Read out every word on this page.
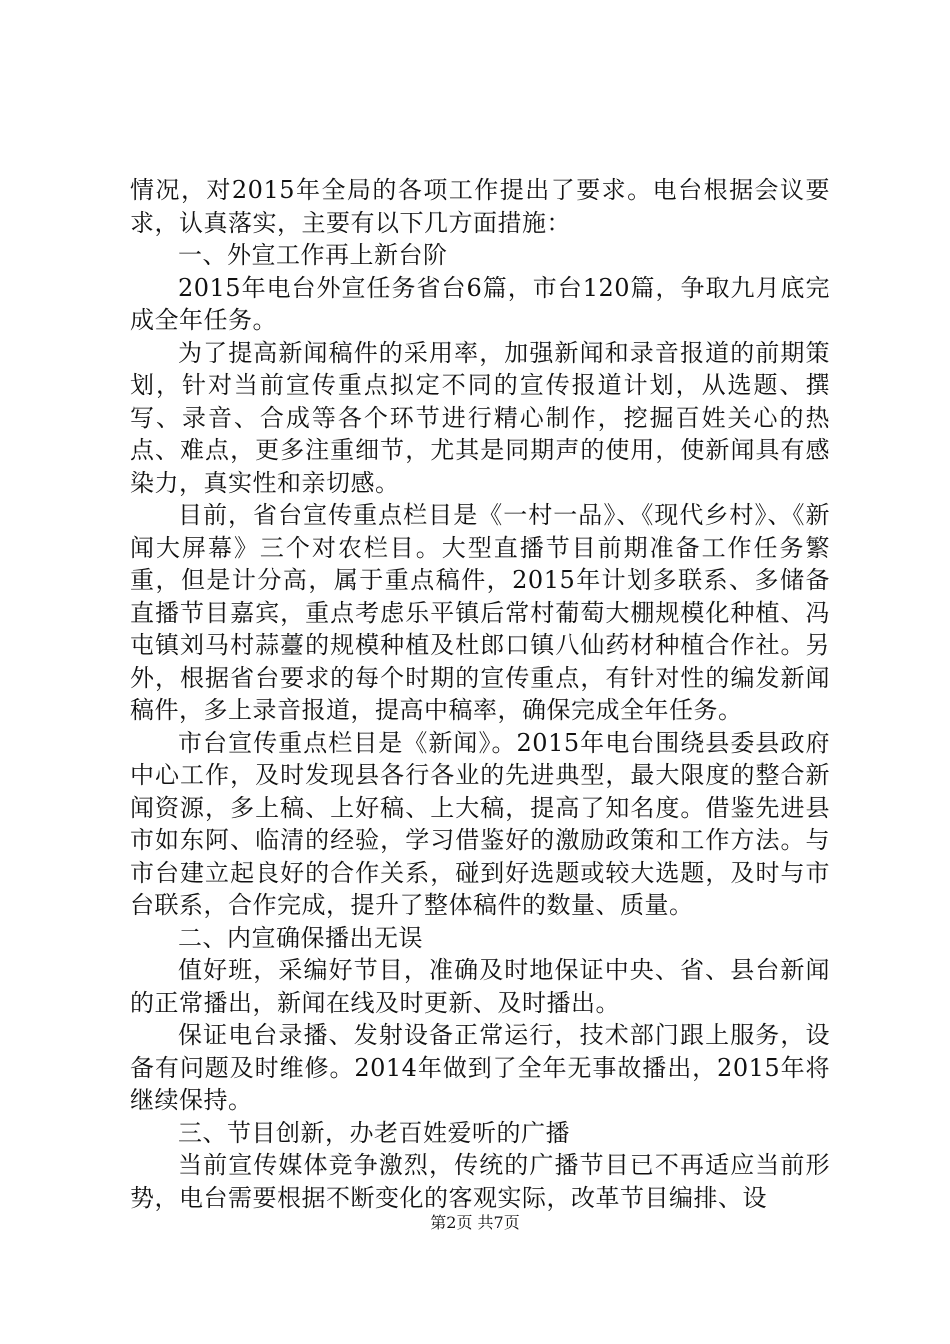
情况，对2015年全局的各项工作提出了要求。电台根据会议要求，认真落实，主要有以下几方面措施：

一、外宣工作再上新台阶

2015年电台外宣任务省台6篇，市台120篇，争取九月底完成全年任务。

为了提高新闻稿件的采用率，加强新闻和录音报道的前期策划，针对当前宣传重点拟定不同的宣传报道计划，从选题、撰写、录音、合成等各个环节进行精心制作，挖掘百姓关心的热点、难点，更多注重细节，尤其是同期声的使用，使新闻具有感染力，真实性和亲切感。

目前，省台宣传重点栏目是《一村一品》、《现代乡村》、《新闻大屏幕》三个对农栏目。大型直播节目前期准备工作任务繁重，但是计分高，属于重点稿件，2015年计划多联系、多储备直播节目嘉宾，重点考虑乐平镇后常村葡萄大棚规模化种植、冯屯镇刘马村蒜薹的规模种植及杜郎口镇八仙药材种植合作社。另外，根据省台要求的每个时期的宣传重点，有针对性的编发新闻稿件，多上录音报道，提高中稿率，确保完成全年任务。

市台宣传重点栏目是《新闻》。2015年电台围绕县委县政府中心工作，及时发现县各行各业的先进典型，最大限度的整合新闻资源，多上稿、上好稿、上大稿，提高了知名度。借鉴先进县市如东阿、临清的经验，学习借鉴好的激励政策和工作方法。与市台建立起良好的合作关系，碰到好选题或较大选题，及时与市台联系，合作完成，提升了整体稿件的数量、质量。

二、内宣确保播出无误

值好班，采编好节目，准确及时地保证中央、省、县台新闻的正常播出，新闻在线及时更新、及时播出。

保证电台录播、发射设备正常运行，技术部门跟上服务，设备有问题及时维修。2014年做到了全年无事故播出，2015年将继续保持。

三、节目创新，办老百姓爱听的广播

当前宣传媒体竞争激烈，传统的广播节目已不再适应当前形势，电台需要根据不断变化的客观实际，改革节目编排、设

第2页 共7页
